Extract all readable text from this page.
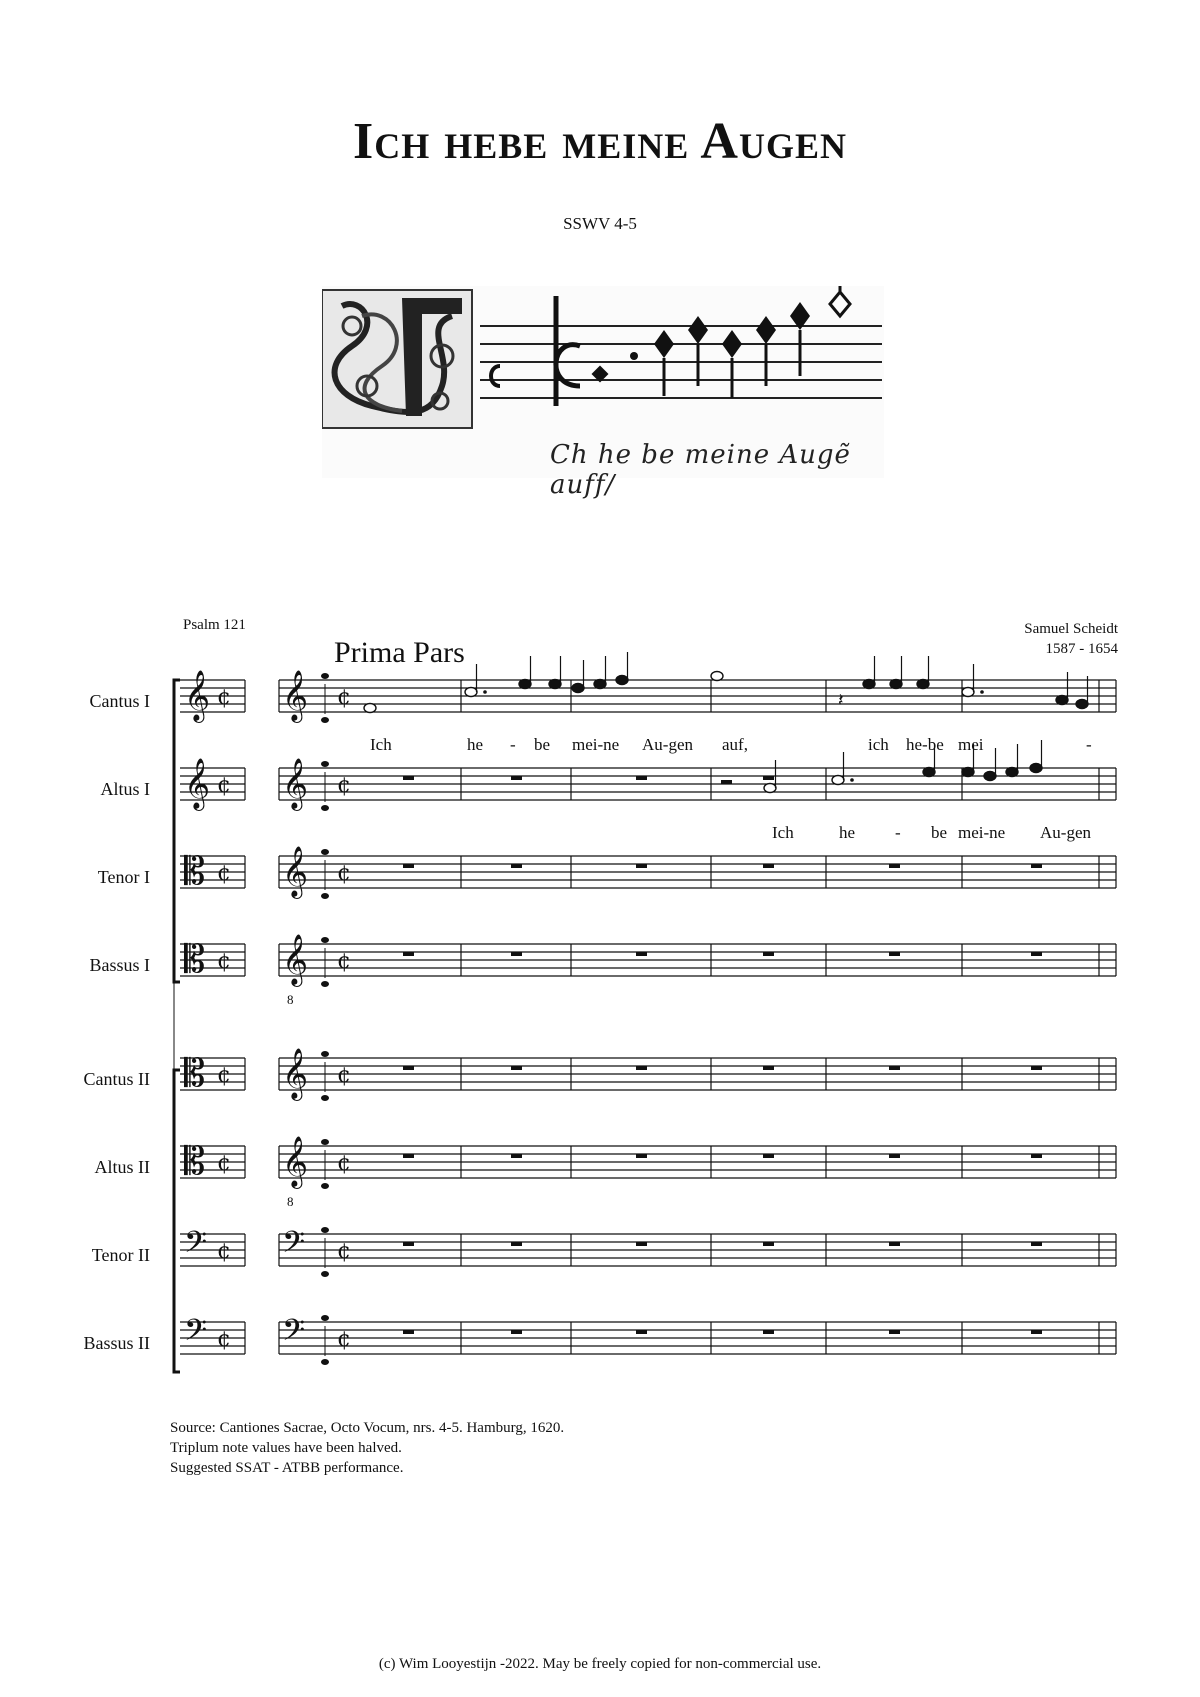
Ich hebe meine Augen
SSWV 4-5
Ch he be meine Augẽ auff/
Psalm 121	Samuel Scheidt
1587 - 1654
Prima Pars
Cantus I
Altus I
Tenor I
Bassus I
Cantus II
Altus II
Tenor II
Bassus II
Ich	he - be mei-ne Au-gen auf,	ich he-be mei	-
Ich	he - be mei-ne Au-gen
𝄞 ¢ 𝄞 ¢
𝄞 ¢ 𝄞 ¢
𝄡 ¢ 𝄞 ¢
𝄡 ¢ 𝄞
8
¢
𝄡 ¢ 𝄞 ¢
𝄡 ¢ 𝄞
8
¢
𝄢 ¢ 𝄢 ¢
𝄢 ¢ 𝄢 ¢
𝄽
Source: Cantiones Sacrae, Octo Vocum, nrs. 4-5. Hamburg, 1620.
Triplum note values have been halved.
Suggested SSAT - ATBB performance.
(c) Wim Looyestijn -2022. May be freely copied for non-commercial use.
